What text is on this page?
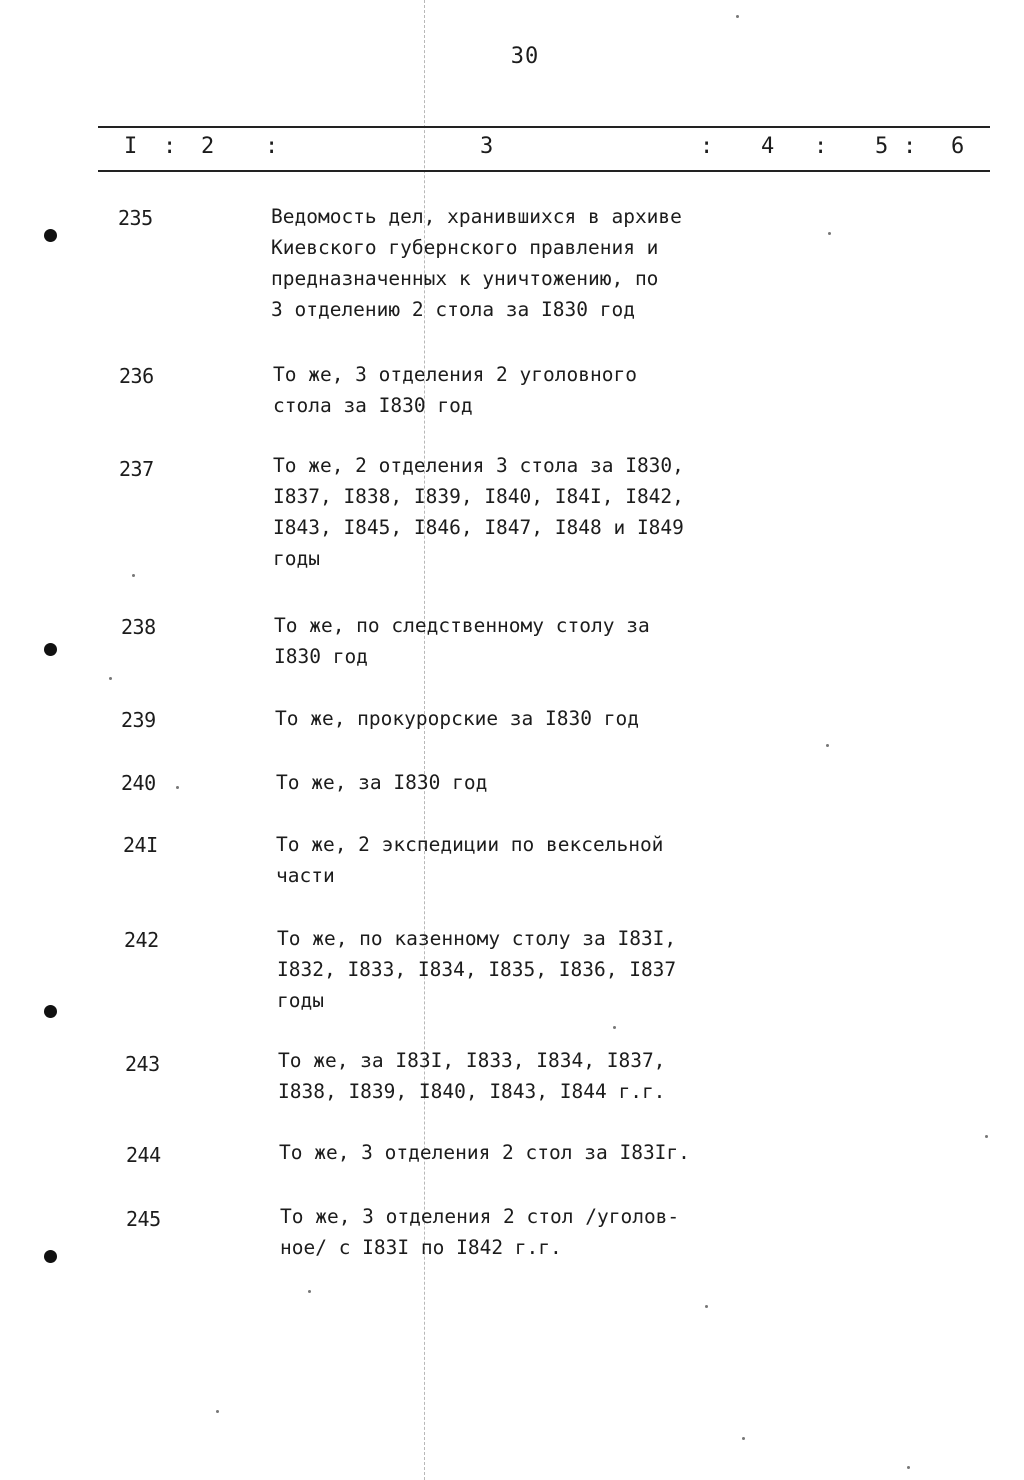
30
I : 2 :	3	: 4 : 5 : 6
235	Ведомость дел, хранившихся в архиве
Киевского губернского правления и
предназначенных к уничтожению, по
3 отделению 2 стола за I830 год
236	То же, 3 отделения 2 уголовного
стола за I830 год
237	То же, 2 отделения 3 стола за I830,
I837, I838, I839, I840, I84I, I842,
I843, I845, I846, I847, I848 и I849
годы
238	То же, по следственному столу за
I830 год
239	То же, прокурорские за I830 год
240	То же, за I830 год
24I	То же, 2 экспедиции по вексельной
части
242	То же, по казенному столу за I83I,
I832, I833, I834, I835, I836, I837
годы
243	То же, за I83I, I833, I834, I837,
I838, I839, I840, I843, I844 г.г.
244	То же, 3 отделения 2 стол за I83Iг.
245	То же, 3 отделения 2 стол /уголов-
ное/ с I83I по I842 г.г.
